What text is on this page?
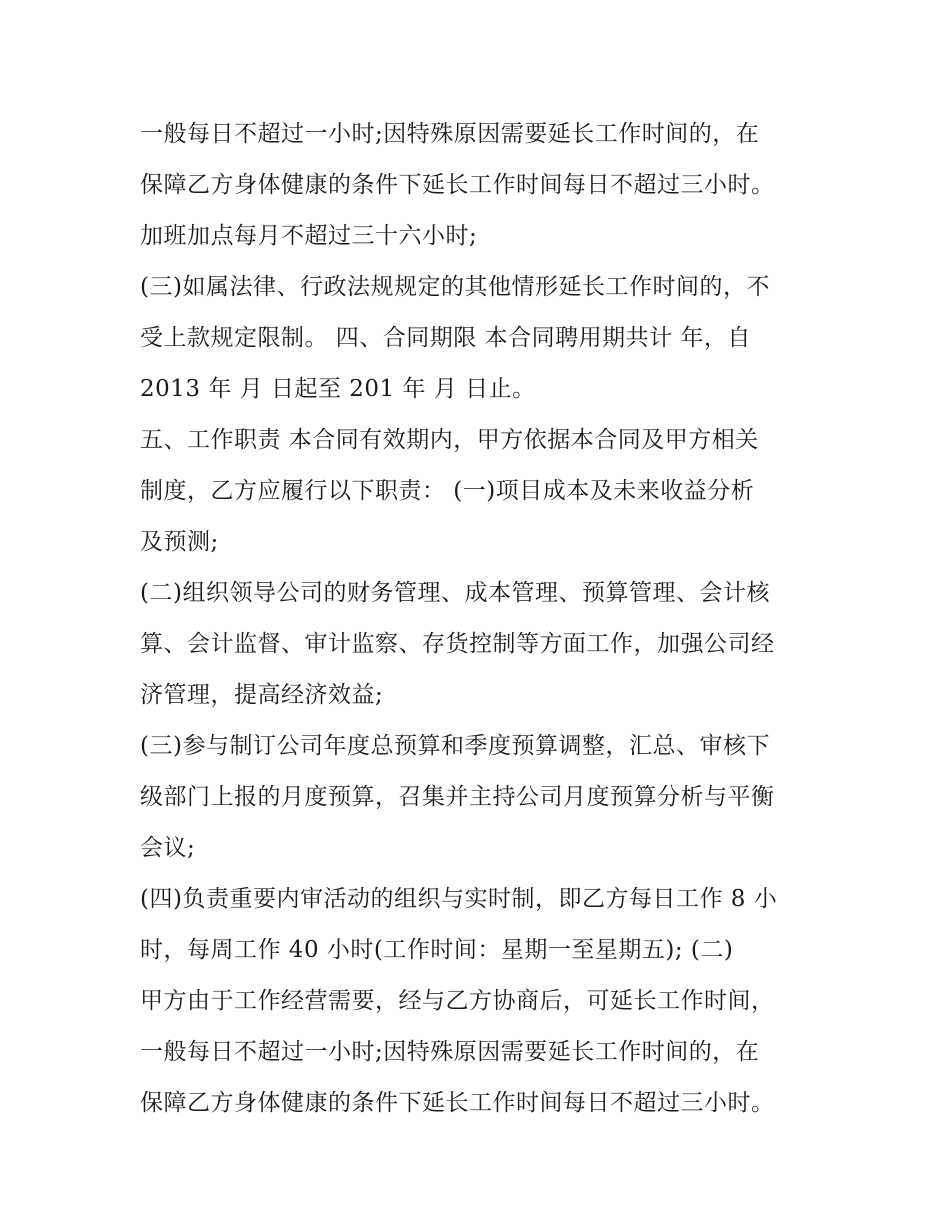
一般每日不超过一小时;因特殊原因需要延长工作时间的，在
保障乙方身体健康的条件下延长工作时间每日不超过三小时。
加班加点每月不超过三十六小时;
(三)如属法律、行政法规规定的其他情形延长工作时间的，不
受上款规定限制。 四、合同期限 本合同聘用期共计 年，自
2013 年 月 日起至 201 年 月 日止。
五、工作职责 本合同有效期内，甲方依据本合同及甲方相关
制度，乙方应履行以下职责： (一)项目成本及未来收益分析
及预测;
(二)组织领导公司的财务管理、成本管理、预算管理、会计核
算、会计监督、审计监察、存货控制等方面工作，加强公司经
济管理，提高经济效益;
(三)参与制订公司年度总预算和季度预算调整，汇总、审核下
级部门上报的月度预算，召集并主持公司月度预算分析与平衡
会议;
(四)负责重要内审活动的组织与实时制，即乙方每日工作 8 小
时，每周工作 40 小时(工作时间：星期一至星期五); (二)
甲方由于工作经营需要，经与乙方协商后，可延长工作时间，
一般每日不超过一小时;因特殊原因需要延长工作时间的，在
保障乙方身体健康的条件下延长工作时间每日不超过三小时。
